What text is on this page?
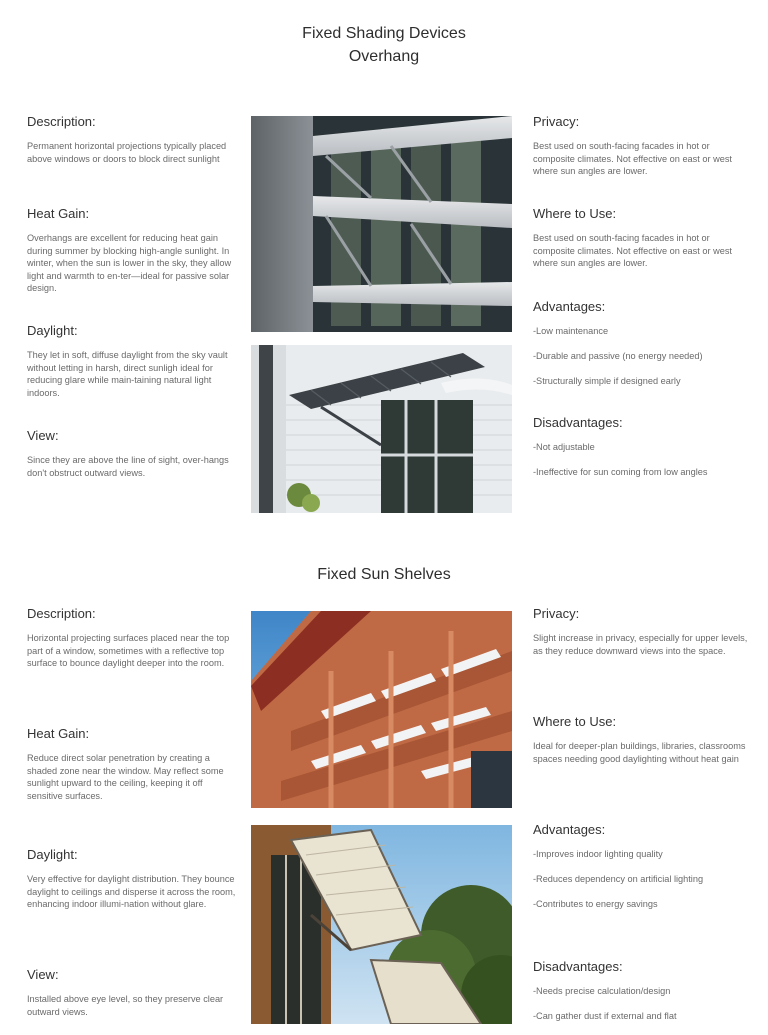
Fixed Shading Devices
Overhang
Description:

Permanent horizontal projections typically placed above windows or doors to block direct sunlight

Heat Gain:

Overhangs are excellent for reducing heat gain during summer by blocking high-angle sunlight. In winter, when the sun is lower in the sky, they allow light and warmth to en-ter—ideal for passive solar design.

Daylight:

They let in soft, diffuse daylight from the sky vault without letting in harsh, direct sunligh ideal for reducing glare while main-taining natural light indoors.

View:

Since they are above the line of sight, over-hangs don't obstruct outward views.

Privacy:

Best used on south-facing facades in hot or composite climates. Not effective on east or west where sun angles are lower.

Where to Use:

Best used on south-facing facades in hot or composite climates. Not effective on east or west where sun angles are lower.

Advantages:
-Low maintenance
-Durable and passive (no energy needed)
-Structurally simple if designed early
Disadvantages:
-Not adjustable
-Ineffective for sun coming from low angles
Fixed Sun Shelves
Description:

Horizontal projecting surfaces placed near the top part of a window, sometimes with a reflective top surface to bounce daylight deeper into the room.

Heat Gain:

Reduce direct solar penetration by creating a shaded zone near the window. May reflect some sunlight upward to the ceiling, keeping it off sensitive surfaces.

Daylight:

Very effective for daylight distribution. They bounce daylight to ceilings and disperse it across the room, enhancing indoor illumi-nation without glare.

View:

Installed above eye level, so they preserve clear outward views.

Privacy:

Slight increase in privacy, especially for upper levels, as they reduce downward views into the space.

Where to Use:

Ideal for deeper-plan buildings, libraries, classrooms spaces needing good daylighting without heat gain

Advantages:
-Improves indoor lighting quality
-Reduces dependency on artificial lighting
-Contributes to energy savings
Disadvantages:
-Needs precise calculation/design
-Can gather dust if external and flat
